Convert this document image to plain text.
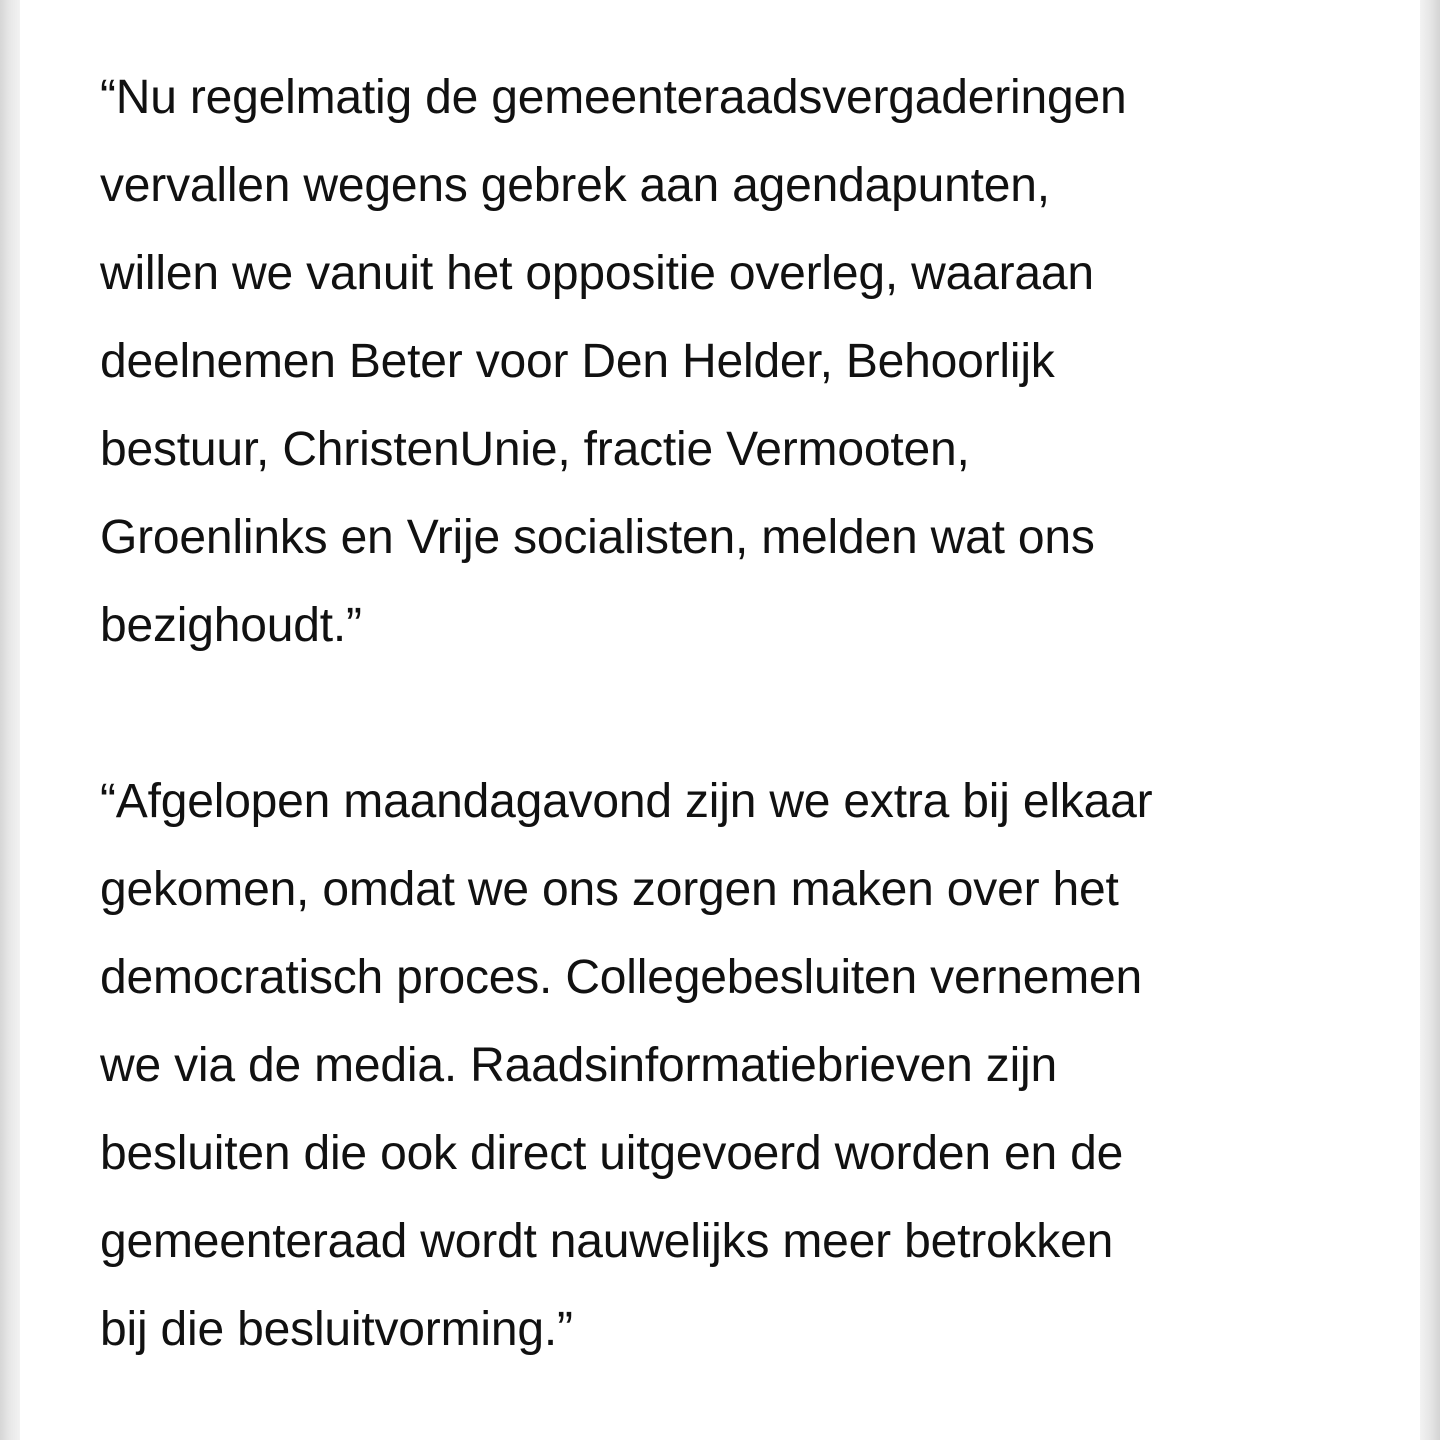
“Nu regelmatig de gemeenteraadsvergaderingen
vervallen wegens gebrek aan agendapunten,
willen we vanuit het oppositie overleg, waaraan
deelnemen Beter voor Den Helder, Behoorlijk
bestuur, ChristenUnie, fractie Vermooten,
Groenlinks en Vrije socialisten, melden wat ons
bezighoudt.”

“Afgelopen maandagavond zijn we extra bij elkaar
gekomen, omdat we ons zorgen maken over het
democratisch proces. Collegebesluiten vernemen
we via de media. Raadsinformatiebrieven zijn
besluiten die ook direct uitgevoerd worden en de
gemeenteraad wordt nauwelijks meer betrokken
bij die besluitvorming.”
